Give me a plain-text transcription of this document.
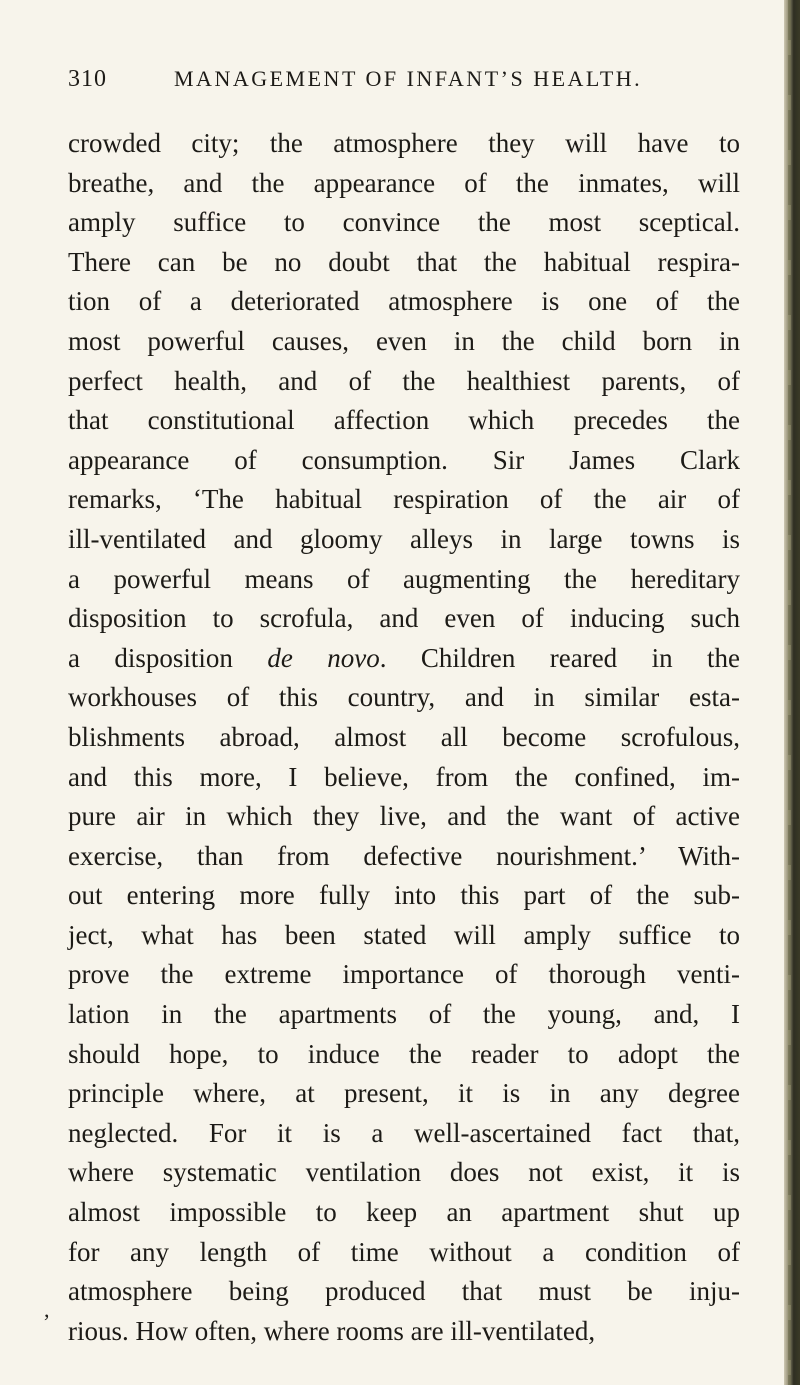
310	MANAGEMENT OF INFANT’S HEALTH.
,
crowded city; the atmosphere they will have to
breathe, and the appearance of the inmates, will
amply suffice to convince the most sceptical.
There can be no doubt that the habitual respira-
tion of a deteriorated atmosphere is one of the
most powerful causes, even in the child born in
perfect health, and of the healthiest parents, of
that constitutional affection which precedes the
appearance of consumption. Sir James Clark
remarks, ‘The habitual respiration of the air of
ill-ventilated and gloomy alleys in large towns is
a powerful means of augmenting the hereditary
disposition to scrofula, and even of inducing such
a disposition de novo. Children reared in the
workhouses of this country, and in similar esta-
blishments abroad, almost all become scrofulous,
and this more, I believe, from the confined, im-
pure air in which they live, and the want of active
exercise, than from defective nourishment.’ With-
out entering more fully into this part of the sub-
ject, what has been stated will amply suffice to
prove the extreme importance of thorough venti-
lation in the apartments of the young, and, I
should hope, to induce the reader to adopt the
principle where, at present, it is in any degree
neglected. For it is a well-ascertained fact that,
where systematic ventilation does not exist, it is
almost impossible to keep an apartment shut up
for any length of time without a condition of
atmosphere being produced that must be inju-
rious. How often, where rooms are ill-ventilated,
